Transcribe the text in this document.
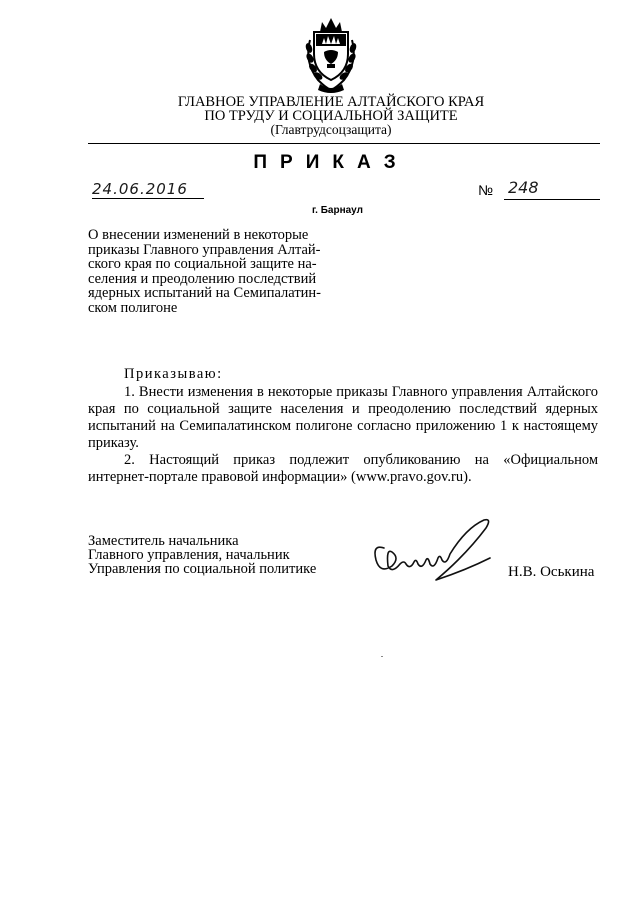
ГЛАВНОЕ УПРАВЛЕНИЕ АЛТАЙСКОГО КРАЯ
ПО ТРУДУ И СОЦИАЛЬНОЙ ЗАЩИТЕ
(Главтрудсоцзащита)
ПРИКАЗ
24.06.2016	№ 248
г. Барнаул
О внесении изменений в некоторые
приказы Главного управления Алтай-
ского края по социальной защите на-
селения и преодолению последствий
ядерных испытаний на Семипалатин-
ском полигоне

Приказываю:

1. Внести изменения в некоторые приказы Главного управления Алтайского края по социальной защите населения и преодолению последствий ядерных испытаний на Семипалатинском полигоне согласно приложению 1 к настоящему приказу.

2. Настоящий приказ подлежит опубликованию на «Официальном интернет-портале правовой информации» (www.pravo.gov.ru).

Заместитель начальника
Главного управления, начальник
Управления по социальной политике	Н.В. Оськина
